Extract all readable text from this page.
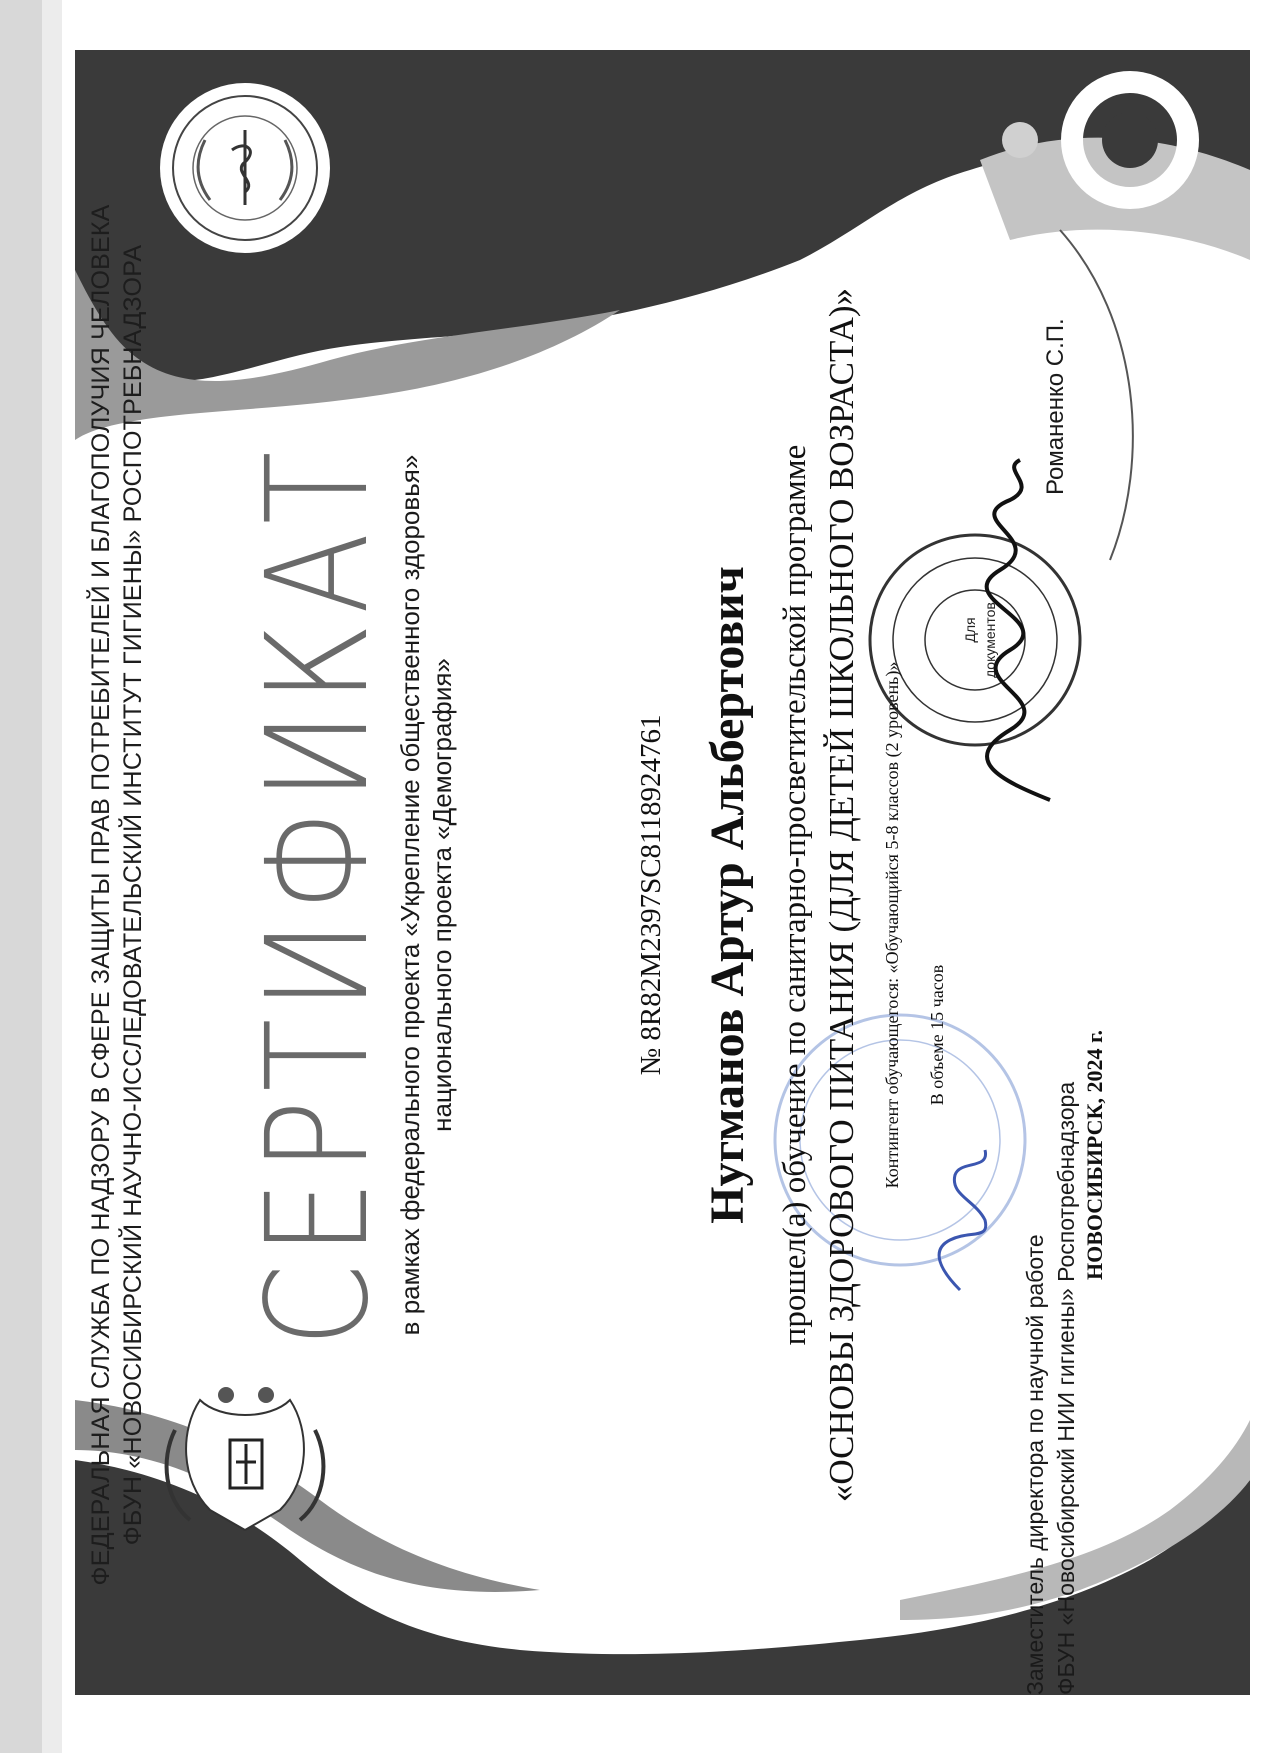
Для документов
ФЕДЕРАЛЬНАЯ СЛУЖБА ПО НАДЗОРУ В СФЕРЕ ЗАЩИТЫ ПРАВ ПОТРЕБИТЕЛЕЙ И БЛАГОПОЛУЧИЯ ЧЕЛОВЕКА ФБУН «НОВОСИБИРСКИЙ НАУЧНО-ИССЛЕДОВАТЕЛЬСКИЙ ИНСТИТУТ ГИГИЕНЫ» РОСПОТРЕБНАДЗОРА СЕРТИФИКАТ
в рамках федерального проекта «Укрепление общественного здоровья» национального проекта «Демография»	№ 8R82M2397SC8118924761 Нугманов Артур Альбертович прошел(а) обучение по санитарно-просветительской программе «ОСНОВЫ ЗДОРОВОГО ПИТАНИЯ (ДЛЯ ДЕТЕЙ ШКОЛЬНОГО ВОЗРАСТА)» Контингент обучающегося: «Обучающийся 5-8 классов (2 уровень)» В объеме 15 часов
Заместитель директора по научной работе ФБУН «Новосибирский НИИ гигиены» Роспотребнадзора НОВОСИБИРСК, 2024 г.
Романенко С.П.
